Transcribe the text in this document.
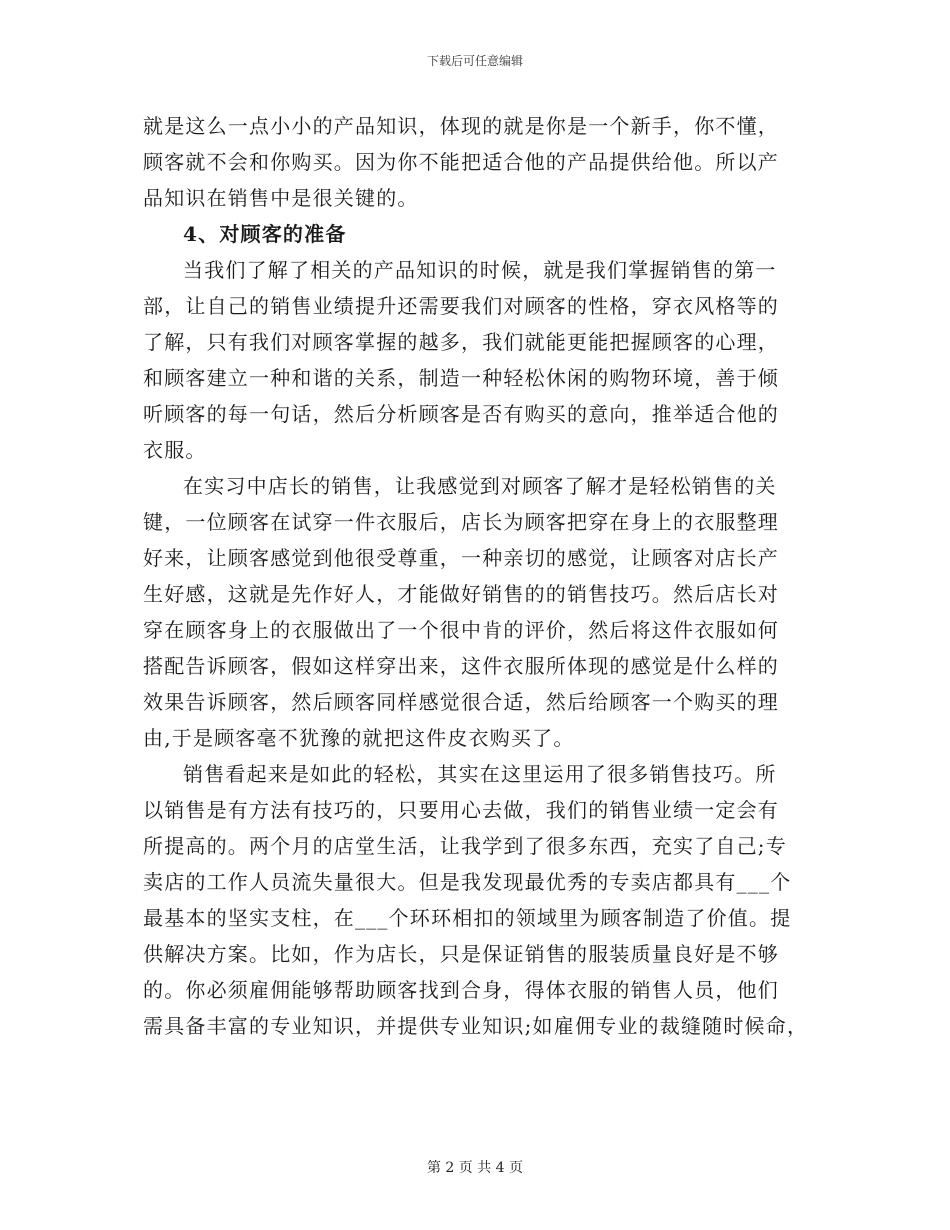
下载后可任意编辑
就是这么一点小小的产品知识，体现的就是你是一个新手，你不懂，
顾客就不会和你购买。因为你不能把适合他的产品提供给他。所以产
品知识在销售中是很关键的。
4、对顾客的准备
当我们了解了相关的产品知识的时候，就是我们掌握销售的第一
部，让自己的销售业绩提升还需要我们对顾客的性格，穿衣风格等的
了解，只有我们对顾客掌握的越多，我们就能更能把握顾客的心理，
和顾客建立一种和谐的关系，制造一种轻松休闲的购物环境，善于倾
听顾客的每一句话，然后分析顾客是否有购买的意向，推举适合他的
衣服。
在实习中店长的销售，让我感觉到对顾客了解才是轻松销售的关
键，一位顾客在试穿一件衣服后，店长为顾客把穿在身上的衣服整理
好来，让顾客感觉到他很受尊重，一种亲切的感觉，让顾客对店长产
生好感，这就是先作好人，才能做好销售的的销售技巧。然后店长对
穿在顾客身上的衣服做出了一个很中肯的评价，然后将这件衣服如何
搭配告诉顾客，假如这样穿出来，这件衣服所体现的感觉是什么样的
效果告诉顾客，然后顾客同样感觉很合适，然后给顾客一个购买的理
由,于是顾客毫不犹豫的就把这件皮衣购买了。
销售看起来是如此的轻松，其实在这里运用了很多销售技巧。所
以销售是有方法有技巧的，只要用心去做，我们的销售业绩一定会有
所提高的。两个月的店堂生活，让我学到了很多东西，充实了自己;专
卖店的工作人员流失量很大。但是我发现最优秀的专卖店都具有___个
最基本的坚实支柱，在___个环环相扣的领域里为顾客制造了价值。提
供解决方案。比如，作为店长，只是保证销售的服装质量良好是不够
的。你必须雇佣能够帮助顾客找到合身，得体衣服的销售人员，他们
需具备丰富的专业知识，并提供专业知识;如雇佣专业的裁缝随时候命，
第 2 页 共 4 页
